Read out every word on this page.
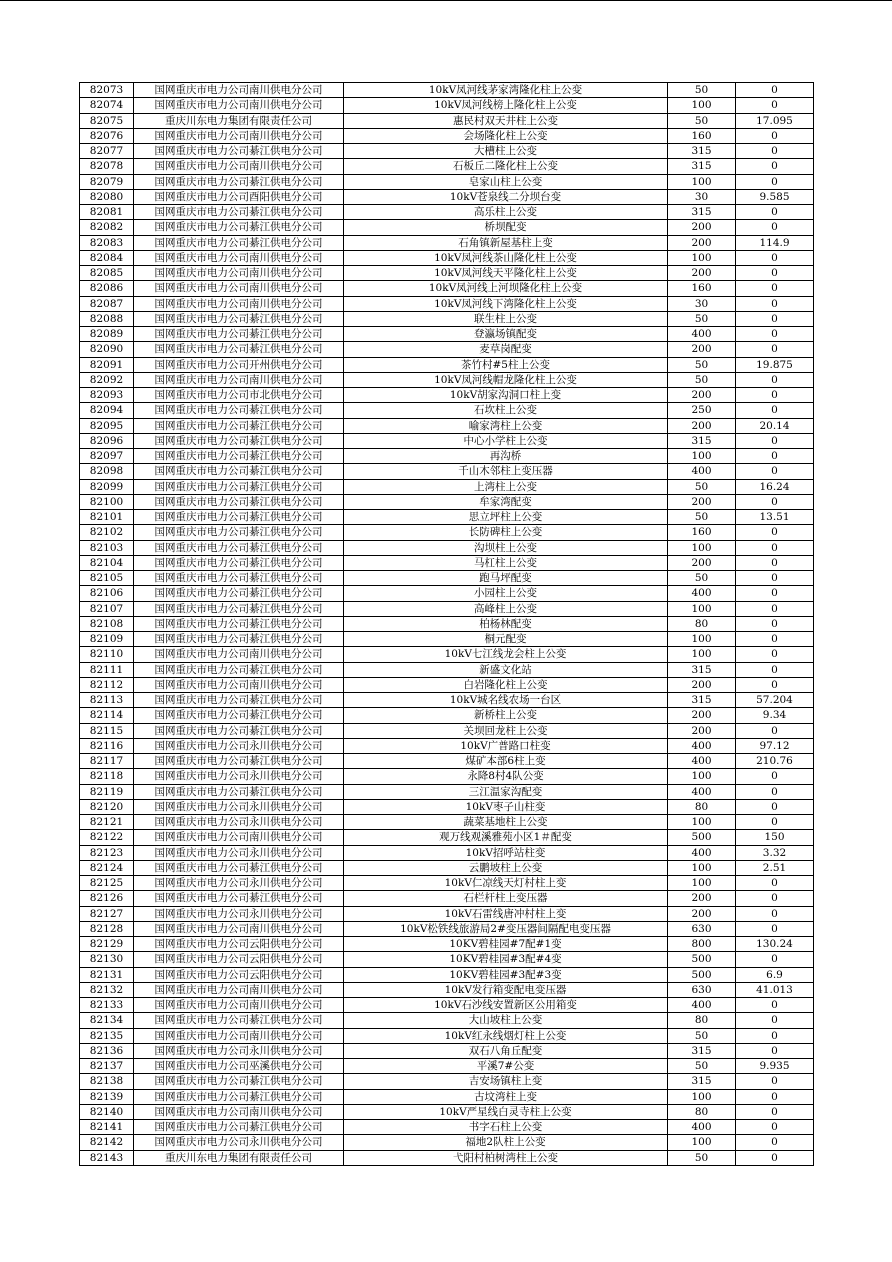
82073	国网重庆市电力公司南川供电分公司	10kV凤河线茅家湾隆化柱上公变	50	0
82074	国网重庆市电力公司南川供电分公司	10kV凤河线榜上隆化柱上公变	100	0
82075	重庆川东电力集团有限责任公司	惠民村双天井柱上公变	50	17.095
82076	国网重庆市电力公司南川供电分公司	会场隆化柱上公变	160	0
82077	国网重庆市电力公司綦江供电分公司	大槽柱上公变	315	0
82078	国网重庆市电力公司南川供电分公司	石板丘二隆化柱上公变	315	0
82079	国网重庆市电力公司綦江供电分公司	皂家山柱上公变	100	0
82080	国网重庆市电力公司酉阳供电分公司	10kV苍泉线二分坝台变	30	9.585
82081	国网重庆市电力公司綦江供电分公司	高乐柱上公变	315	0
82082	国网重庆市电力公司綦江供电分公司	桥坝配变	200	0
82083	国网重庆市电力公司綦江供电分公司	石角镇新屋基柱上变	200	114.9
82084	国网重庆市电力公司南川供电分公司	10kV凤河线茶山隆化柱上公变	100	0
82085	国网重庆市电力公司南川供电分公司	10kV凤河线天平隆化柱上公变	200	0
82086	国网重庆市电力公司南川供电分公司	10kV凤河线上河坝隆化柱上公变	160	0
82087	国网重庆市电力公司南川供电分公司	10kV凤河线下湾隆化柱上公变	30	0
82088	国网重庆市电力公司綦江供电分公司	联生柱上公变	50	0
82089	国网重庆市电力公司綦江供电分公司	登瀛场镇配变	400	0
82090	国网重庆市电力公司綦江供电分公司	麦草岗配变	200	0
82091	国网重庆市电力公司开州供电分公司	茶竹村#5柱上公变	50	19.875
82092	国网重庆市电力公司南川供电分公司	10kV凤河线帽龙隆化柱上公变	50	0
82093	国网重庆市电力公司市北供电分公司	10kV胡家沟洞口柱上变	200	0
82094	国网重庆市电力公司綦江供电分公司	石坎柱上公变	250	0
82095	国网重庆市电力公司綦江供电分公司	喻家湾柱上公变	200	20.14
82096	国网重庆市电力公司綦江供电分公司	中心小学柱上公变	315	0
82097	国网重庆市电力公司綦江供电分公司	再沟桥	100	0
82098	国网重庆市电力公司綦江供电分公司	千山木邻柱上变压器	400	0
82099	国网重庆市电力公司綦江供电分公司	上湾柱上公变	50	16.24
82100	国网重庆市电力公司綦江供电分公司	牟家湾配变	200	0
82101	国网重庆市电力公司綦江供电分公司	思立坪柱上公变	50	13.51
82102	国网重庆市电力公司綦江供电分公司	长防碑柱上公变	160	0
82103	国网重庆市电力公司綦江供电分公司	沟坝柱上公变	100	0
82104	国网重庆市电力公司綦江供电分公司	马杠柱上公变	200	0
82105	国网重庆市电力公司綦江供电分公司	跑马坪配变	50	0
82106	国网重庆市电力公司綦江供电分公司	小园柱上公变	400	0
82107	国网重庆市电力公司綦江供电分公司	高峰柱上公变	100	0
82108	国网重庆市电力公司綦江供电分公司	柏杨林配变	80	0
82109	国网重庆市电力公司綦江供电分公司	桐元配变	100	0
82110	国网重庆市电力公司南川供电分公司	10kV七江线龙会柱上公变	100	0
82111	国网重庆市电力公司綦江供电分公司	新盛文化站	315	0
82112	国网重庆市电力公司南川供电分公司	白岩隆化柱上公变	200	0
82113	国网重庆市电力公司綦江供电分公司	10kV城名线农场一台区	315	57.204
82114	国网重庆市电力公司綦江供电分公司	新桥柱上公变	200	9.34
82115	国网重庆市电力公司綦江供电分公司	关坝回龙柱上公变	200	0
82116	国网重庆市电力公司永川供电分公司	10kV广普路口柱变	400	97.12
82117	国网重庆市电力公司綦江供电分公司	煤矿本部6柱上变	400	210.76
82118	国网重庆市电力公司永川供电分公司	永降8村4队公变	100	0
82119	国网重庆市电力公司綦江供电分公司	三江温家沟配变	400	0
82120	国网重庆市电力公司永川供电分公司	10kV枣子山柱变	80	0
82121	国网重庆市电力公司永川供电分公司	蔬菜基地柱上公变	100	0
82122	国网重庆市电力公司南川供电分公司	观万线观溪雅苑小区1＃配变	500	150
82123	国网重庆市电力公司永川供电分公司	10kV招呼站柱变	400	3.32
82124	国网重庆市电力公司綦江供电分公司	云鹏坡柱上公变	100	2.51
82125	国网重庆市电力公司永川供电分公司	10kV仁凉线天灯村柱上变	100	0
82126	国网重庆市电力公司綦江供电分公司	石栏杆柱上变压器	200	0
82127	国网重庆市电力公司永川供电分公司	10kV石雷线唐冲村柱上变	200	0
82128	国网重庆市电力公司南川供电分公司	10kV松铁线旅游局2#变压器间隔配电变压器	630	0
82129	国网重庆市电力公司云阳供电分公司	10KV碧桂园#7配#1变	800	130.24
82130	国网重庆市电力公司云阳供电分公司	10KV碧桂园#3配#4变	500	0
82131	国网重庆市电力公司云阳供电分公司	10KV碧桂园#3配#3变	500	6.9
82132	国网重庆市电力公司南川供电分公司	10kV发行箱变配电变压器	630	41.013
82133	国网重庆市电力公司南川供电分公司	10kV石沙线安置新区公用箱变	400	0
82134	国网重庆市电力公司綦江供电分公司	大山坡柱上公变	80	0
82135	国网重庆市电力公司南川供电分公司	10kV红永线烟灯柱上公变	50	0
82136	国网重庆市电力公司永川供电分公司	双石八角丘配变	315	0
82137	国网重庆市电力公司巫溪供电分公司	平溪7#公变	50	9.935
82138	国网重庆市电力公司綦江供电分公司	吉安场镇柱上变	315	0
82139	国网重庆市电力公司綦江供电分公司	古坟湾柱上变	100	0
82140	国网重庆市电力公司南川供电分公司	10kV严星线白灵寺柱上公变	80	0
82141	国网重庆市电力公司綦江供电分公司	书字石柱上公变	400	0
82142	国网重庆市电力公司永川供电分公司	福地2队柱上公变	100	0
82143	重庆川东电力集团有限责任公司	弋阳村柏树湾柱上公变	50	0
